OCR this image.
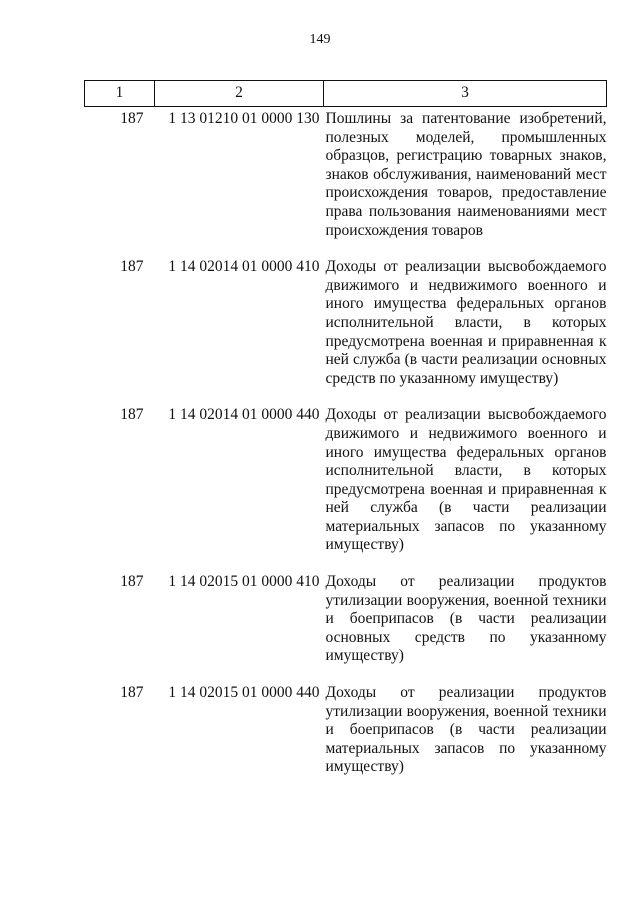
149
1	2	3
187	1 13 01210 01 0000 130	Пошлины за патентование изобретений, полезных моделей, промышленных образцов, регистрацию товарных знаков, знаков обслуживания, наименований мест происхождения товаров, предоставление права пользования наименованиями мест происхождения товаров
187	1 14 02014 01 0000 410	Доходы от реализации высвобождаемого движимого и недвижимого военного и иного имущества федеральных органов исполнительной власти, в которых предусмотрена военная и приравненная к ней служба (в части реализации основных средств по указанному имуществу)
187	1 14 02014 01 0000 440	Доходы от реализации высвобождаемого движимого и недвижимого военного и иного имущества федеральных органов исполнительной власти, в которых предусмотрена военная и приравненная к ней служба (в части реализации материальных запасов по указанному имуществу)
187	1 14 02015 01 0000 410	Доходы от реализации продуктов утилизации вооружения, военной техники и боеприпасов (в части реализации основных средств по указанному имуществу)
187	1 14 02015 01 0000 440	Доходы от реализации продуктов утилизации вооружения, военной техники и боеприпасов (в части реализации материальных запасов по указанному имуществу)
